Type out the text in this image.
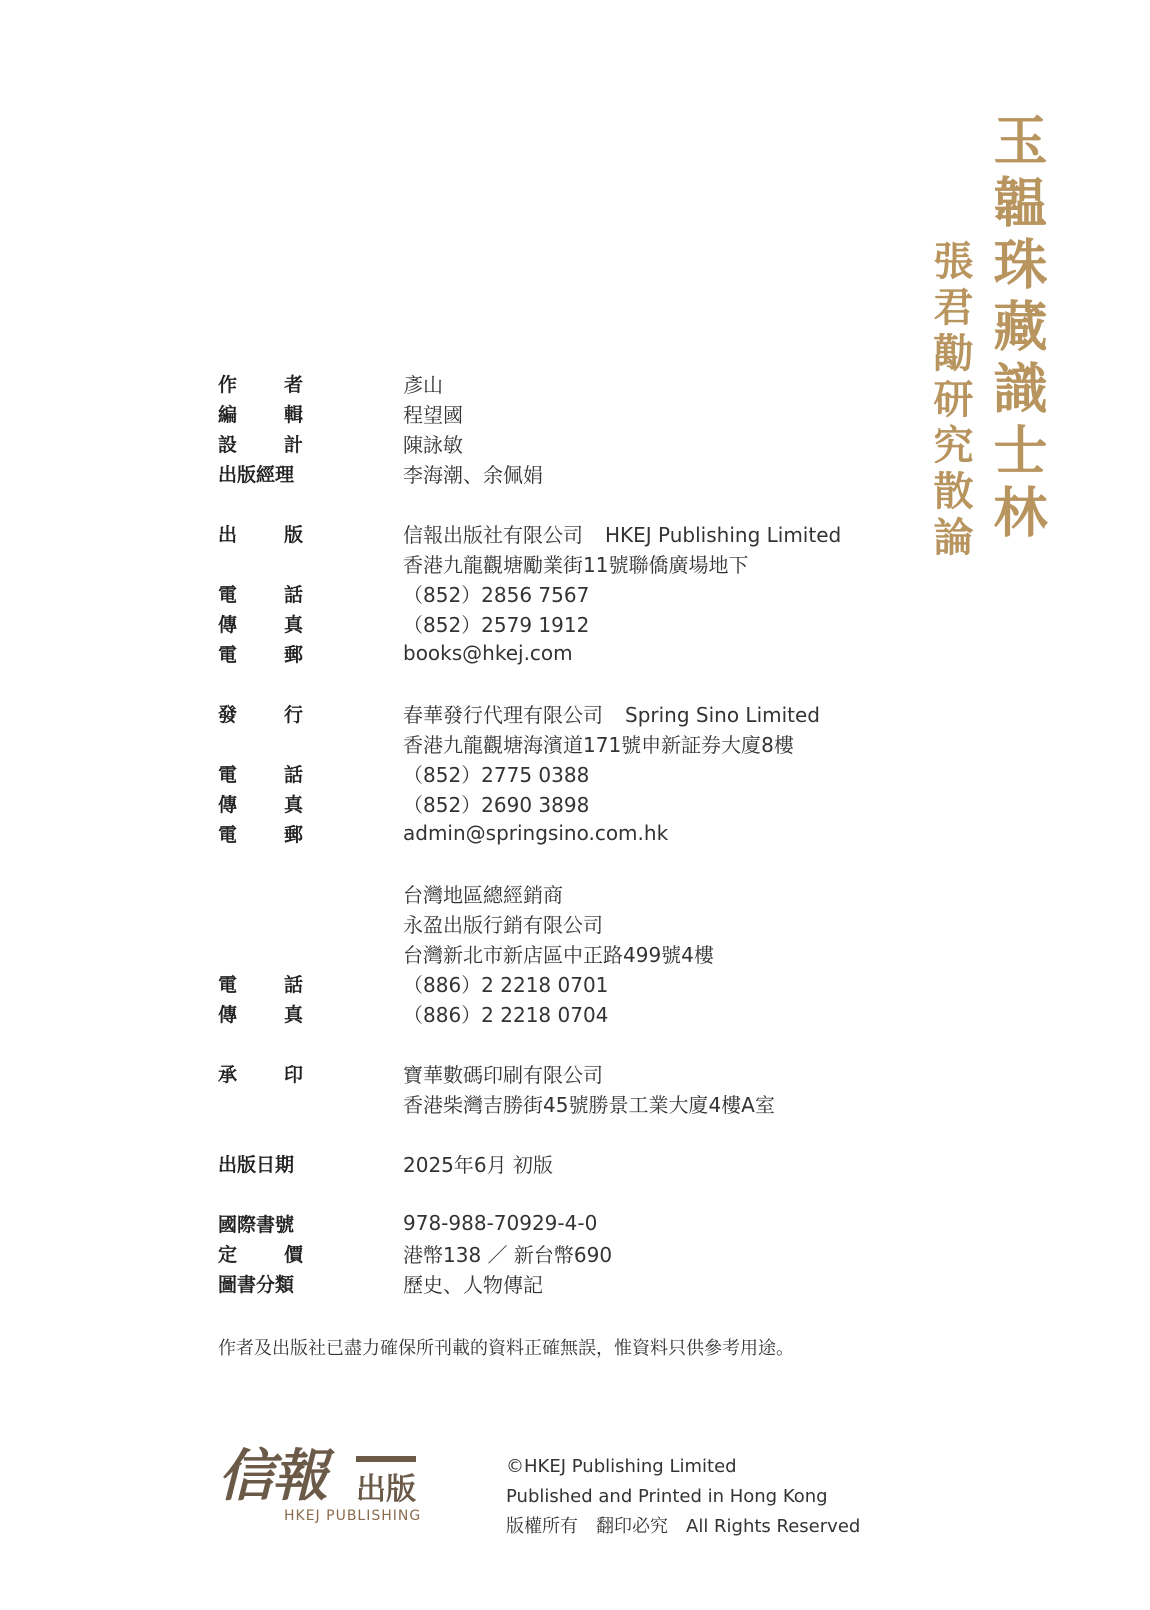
玉韞珠藏識士林
張君勱研究散論
作 者	彥山
編 輯	程望國
設 計	陳詠敏
出版經理	李海潮、余佩娟
出 版	信報出版社有限公司 HKEJ Publishing Limited
香港九龍觀塘勵業街11號聯僑廣場地下
電 話	（852）2856 7567
傳 真	（852）2579 1912
電 郵	books@hkej.com
發 行	春華發行代理有限公司 Spring Sino Limited
香港九龍觀塘海濱道171號申新証券大廈8樓
電 話	（852）2775 0388
傳 真	（852）2690 3898
電 郵	admin@springsino.com.hk
台灣地區總經銷商
永盈出版行銷有限公司
台灣新北市新店區中正路499號4樓
電 話	（886）2 2218 0701
傳 真	（886）2 2218 0704
承 印	寶華數碼印刷有限公司
香港柴灣吉勝街45號勝景工業大廈4樓A室
出版日期	2025年6月 初版
國際書號	978-988-70929-4-0
定 價	港幣138 ／ 新台幣690
圖書分類	歷史、人物傳記
作者及出版社已盡力確保所刊載的資料正確無誤，惟資料只供參考用途。
信報 出版
HKEJ PUBLISHING
©HKEJ Publishing Limited
Published and Printed in Hong Kong
版權所有 翻印必究 All Rights Reserved
